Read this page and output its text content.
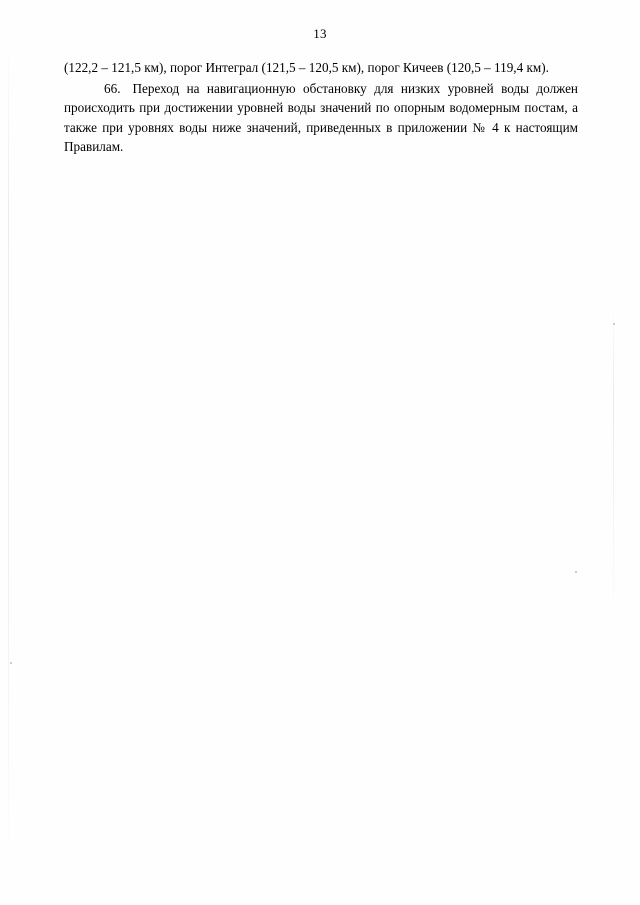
13

(122,2 – 121,5 км), порог Интеграл (121,5 – 120,5 км), порог Кичеев (120,5 – 119,4 км).

66. Переход на навигационную обстановку для низких уровней воды должен происходить при достижении уровней воды значений по опорным водомерным постам, а также при уровнях воды ниже значений, приведенных в приложении № 4 к настоящим Правилам.
